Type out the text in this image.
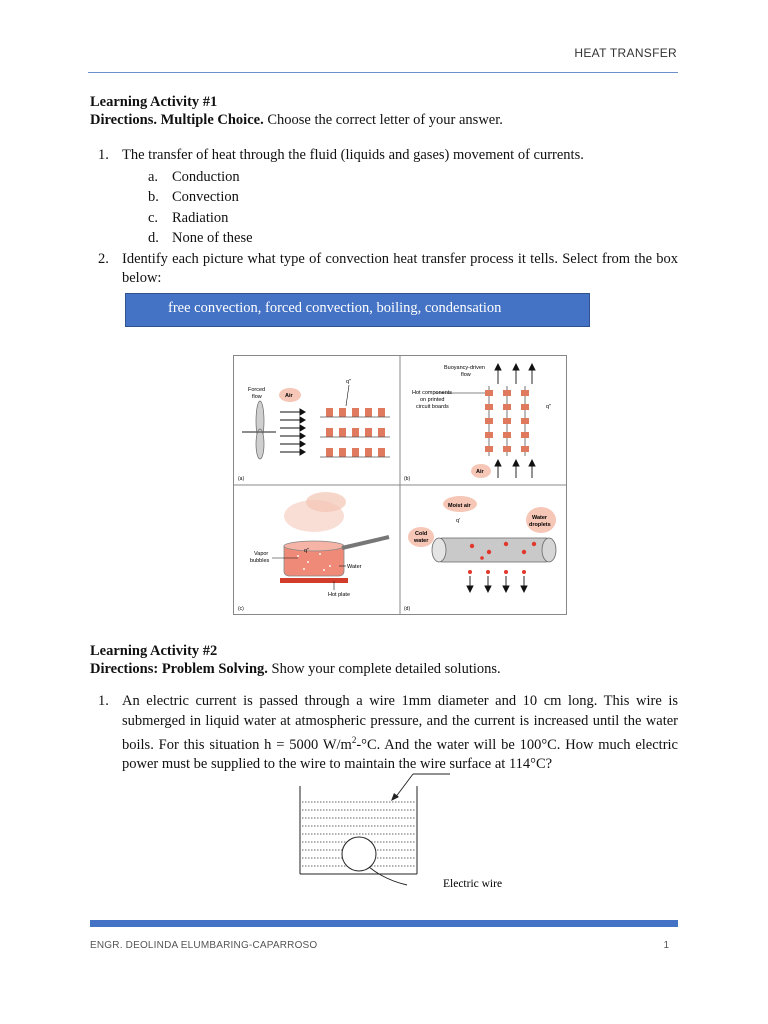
HEAT TRANSFER
Learning Activity #1
Directions. Multiple Choice. Choose the correct letter of your answer.
1. The transfer of heat through the fluid (liquids and gases) movement of currents.
a. Conduction
b. Convection
c. Radiation
d. None of these
2. Identify each picture what type of convection heat transfer process it tells. Select from the box below:
free convection, forced convection, boiling, condensation
Forced
flow	Air
q''
(a)
Buoyancy-driven
flow
Hot components
on printed
circuit boards	q''
Air
(b)
Vapor
bubbles
q''
Water
Hot plate
(c)
Moist air
q'
Cold
water
Water
droplets
(d)
Learning Activity #2
Directions: Problem Solving. Show your complete detailed solutions.
1. An electric current is passed through a wire 1mm diameter and 10 cm long. This wire is submerged in liquid water at atmospheric pressure, and the current is increased until the water boils. For this situation h = 5000 $W/m^2-^\circ C$. And the water will be 100°C. How much electric power must be supplied to the wire to maintain the wire surface at 114°C?
Electric wire
ENGR. DEOLINDA ELUMBARING-CAPARROSO	1
